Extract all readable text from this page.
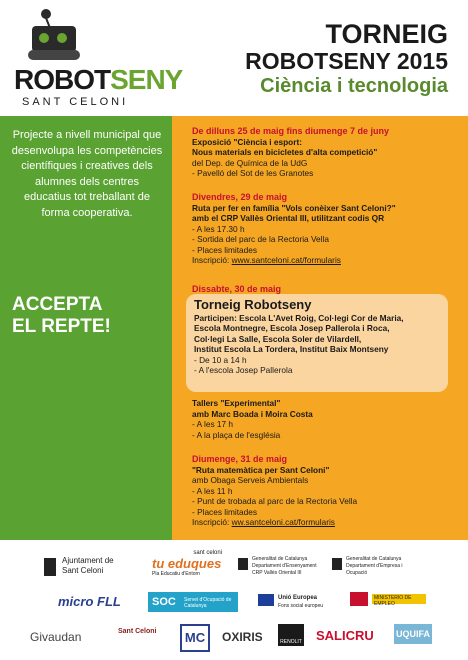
ROBOTSENY
SANT CELONI
TORNEIG
ROBOTSENY 2015
Ciència i tecnologia
Projecte a nivell municipal que desenvolupa les competències científiques i creatives dels alumnes dels centres educatius tot treballant de forma cooperativa.
ACCEPTA
EL REPTE!
De dilluns 25 de maig fins diumenge 7 de juny
Exposició "Ciència i esport:
Nous materials en bicicletes d'alta competició"
del Dep. de Química de la UdG
- Pavelló del Sot de les Granotes
Divendres, 29 de maig
Ruta per fer en família "Vols conèixer Sant Celoni?"
amb el CRP Vallès Oriental III, utilitzant codis QR
- A les 17.30 h
- Sortida del parc de la Rectoria Vella
- Places limitades
Inscripció: www.santceloni.cat/formularis
Dissabte, 30 de maig
Torneig Robotseny
Participen: Escola L'Avet Roig, Col·legi Cor de Maria,
Escola Montnegre, Escola Josep Pallerola i Roca,
Col·legi La Salle, Escola Soler de Vilardell,
Institut Escola La Tordera, Institut Baix Montseny
- De 10 a 14 h
- A l'escola Josep Pallerola
Tallers "Experimental"
amb Marc Boada i Moira Costa
- A les 17 h
- A la plaça de l'església
Diumenge, 31 de maig
"Ruta matemàtica per Sant Celoni"
amb Obaga Serveis Ambientals
- A les 11 h
- Punt de trobada al parc de la Rectoria Vella
- Places limitades
Inscripció: ww.santceloni.cat/formularis
Ajuntament de Sant Celoni
sant celoni
tu eduques
Pla Educatiu d'Entorn
Generalitat de Catalunya Departament d'Ensenyament CRP Vallès Oriental III
Generalitat de Catalunya Departament d'Empresa i Ocupació
micro FLL	SOC Servei d'Ocupació de Catalunya
Unió Europea
Fons social europeu
MINISTERIO DE EMPLEO
Givaudan	Sant Celoni	MC	OXIRIS	RENOLIT SALICRU UQUIFA
